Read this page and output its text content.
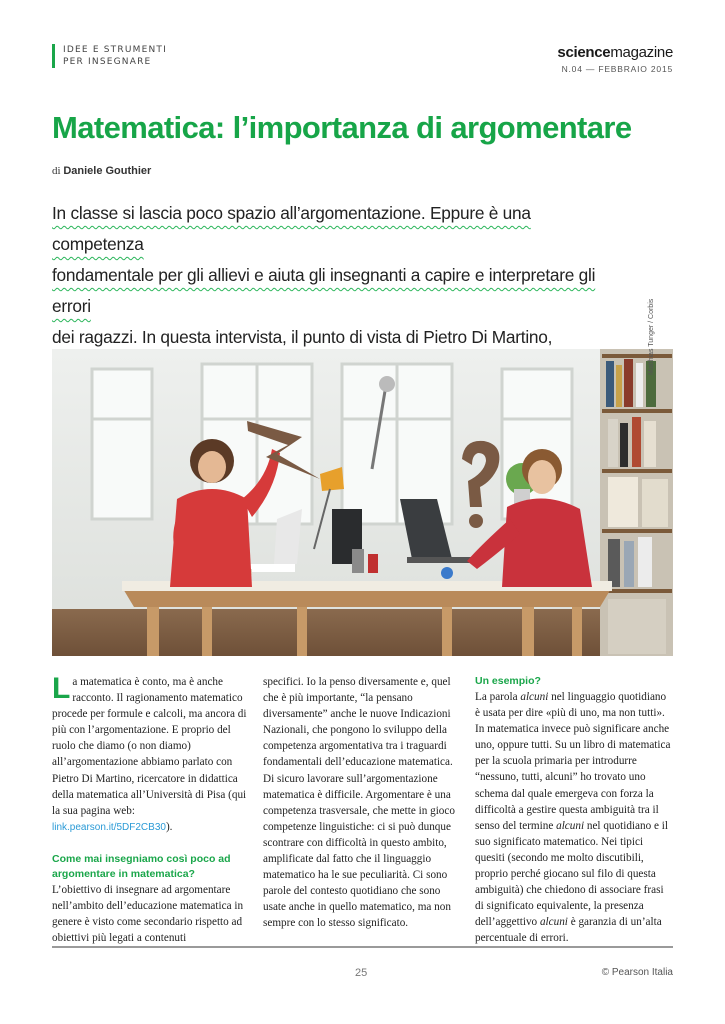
IDEE E STRUMENTI
PER INSEGNARE
sciencemagazine
N.04 — FEBBRAIO 2015
Matematica: l’importanza di argomentare
di Daniele Gouthier
In classe si lascia poco spazio all’argomentazione. Eppure è una competenza
fondamentale per gli allievi e aiuta gli insegnanti a capire e interpretare gli errori
dei ragazzi. In questa intervista, il punto di vista di Pietro Di Martino,	Matthias Tunger / Corbis

La matematica è conto, ma è anche racconto. Il ragionamento matematico procede per formule e calcoli, ma ancora di più con l’argomentazione. E proprio del ruolo che diamo (o non diamo) all’argomentazione abbiamo parlato con Pietro Di Martino, ricercatore in didattica della matematica all’Università di Pisa (qui la sua pagina web: link.pearson.it/5DF2CB30).

Come mai insegniamo così poco ad argomentare in matematica?

L’obiettivo di insegnare ad argomentare nell’ambito dell’educazione matematica in genere è visto come secondario rispetto ad obiettivi più legati a contenuti

specifici. Io la penso diversamente e, quel che è più importante, “la pensano diversamente” anche le nuove Indicazioni Nazionali, che pongono lo sviluppo della competenza argomentativa tra i traguardi fondamentali dell’educazione matematica. Di sicuro lavorare sull’argomentazione matematica è difficile. Argomentare è una competenza trasversale, che mette in gioco competenze linguistiche: ci si può dunque scontrare con difficoltà in questo ambito, amplificate dal fatto che il linguaggio matematico ha le sue peculiarità. Ci sono parole del contesto quotidiano che sono usate anche in quello matematico, ma non sempre con lo stesso significato.

Un esempio?

La parola alcuni nel linguaggio quotidiano è usata per dire «più di uno, ma non tutti». In matematica invece può significare anche uno, oppure tutti. Su un libro di matematica per la scuola primaria per introdurre “nessuno, tutti, alcuni” ho trovato uno schema dal quale emergeva con forza la difficoltà a gestire questa ambiguità tra il senso del termine alcuni nel quotidiano e il suo significato matematico. Nei tipici quesiti (secondo me molto discutibili, proprio perché giocano sul filo di questa ambiguità) che chiedono di associare frasi di significato equivalente, la presenza dell’aggettivo alcuni è garanzia di un’alta percentuale di errori.

25	© Pearson Italia
